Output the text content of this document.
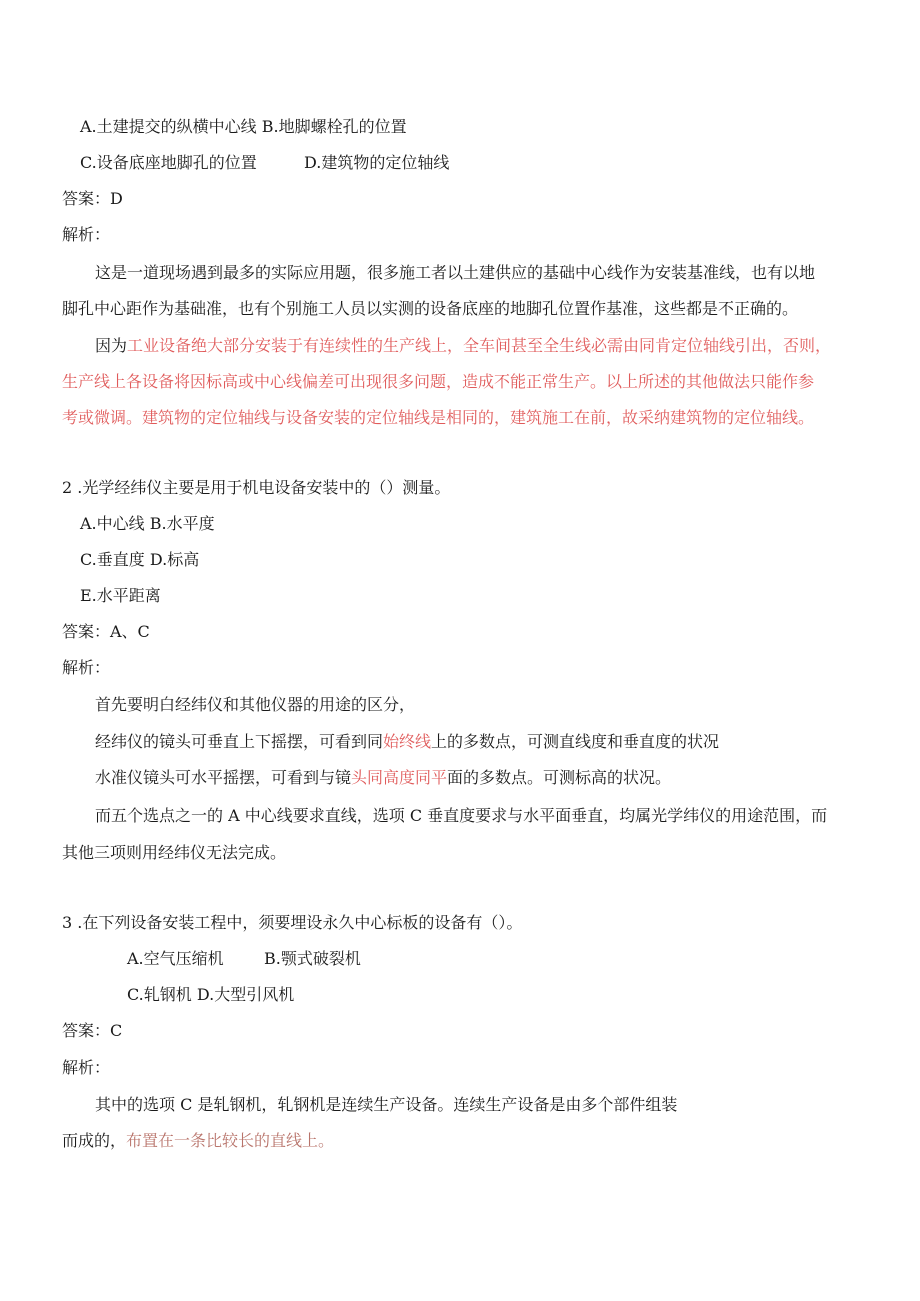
A.土建提交的纵横中心线 B.地脚螺栓孔的位置
C.设备底座地脚孔的位置	D.建筑物的定位轴线
答案：D
解析：
这是一道现场遇到最多的实际应用题，很多施工者以土建供应的基础中心线作为安装基准线，也有以地
脚孔中心距作为基础准，也有个别施工人员以实测的设备底座的地脚孔位置作基准，这些都是不正确的。
因为工业设备绝大部分安装于有连续性的生产线上，全车间甚至全生线必需由同肯定位轴线引出，否则，
生产线上各设备将因标高或中心线偏差可出现很多问题，造成不能正常生产。以上所述的其他做法只能作参
考或微调。建筑物的定位轴线与设备安装的定位轴线是相同的，建筑施工在前，故采纳建筑物的定位轴线。
2 .光学经纬仪主要是用于机电设备安装中的（）测量。
A.中心线 B.水平度
C.垂直度 D.标高
E.水平距离
答案：A、C
解析：
首先要明白经纬仪和其他仪器的用途的区分，
经纬仪的镜头可垂直上下摇摆，可看到同始终线上的多数点，可测直线度和垂直度的状况
水准仪镜头可水平摇摆，可看到与镜头同高度同平面的多数点。可测标高的状况。
而五个选点之一的 A 中心线要求直线，选项 C 垂直度要求与水平面垂直，均属光学纬仪的用途范围，而
其他三项则用经纬仪无法完成。
3 .在下列设备安装工程中，须要埋设永久中心标板的设备有（）。
A.空气压缩机	B.颚式破裂机
C.轧钢机 D.大型引风机
答案：C
解析：
其中的选项 C 是轧钢机，轧钢机是连续生产设备。连续生产设备是由多个部件组装
而成的，布置在一条比较长的直线上。
